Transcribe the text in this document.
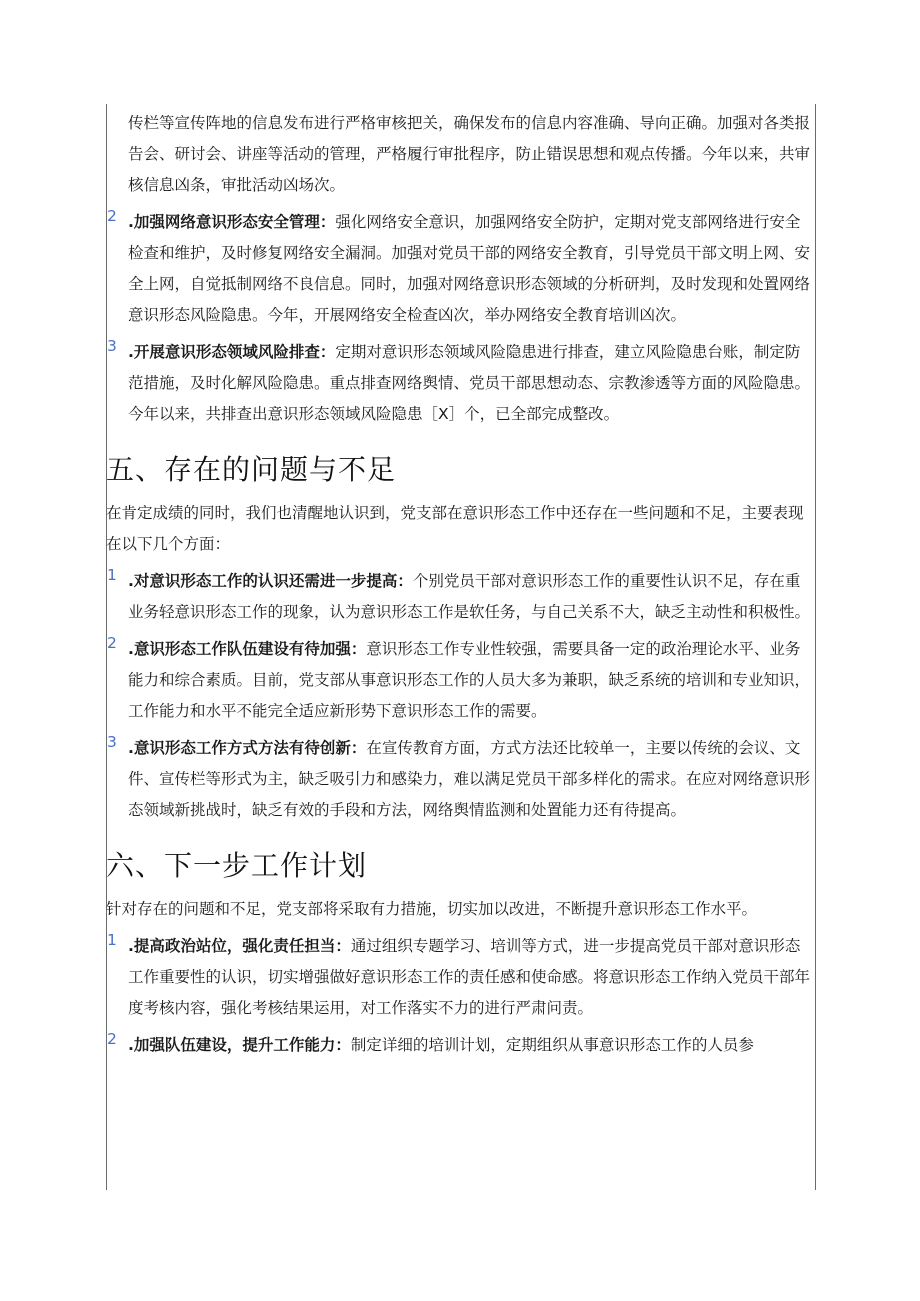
传栏等宣传阵地的信息发布进行严格审核把关，确保发布的信息内容准确、导向正确。加强对各类报告会、研讨会、讲座等活动的管理，严格履行审批程序，防止错误思想和观点传播。今年以来，共审核信息凶条，审批活动凶场次。

2 .加强网络意识形态安全管理：强化网络安全意识，加强网络安全防护，定期对党支部网络进行安全检查和维护，及时修复网络安全漏洞。加强对党员干部的网络安全教育，引导党员干部文明上网、安全上网，自觉抵制网络不良信息。同时，加强对网络意识形态领域的分析研判，及时发现和处置网络意识形态风险隐患。今年，开展网络安全检查凶次，举办网络安全教育培训凶次。

3 .开展意识形态领域风险排查：定期对意识形态领域风险隐患进行排查，建立风险隐患台账，制定防范措施，及时化解风险隐患。重点排查网络舆情、党员干部思想动态、宗教渗透等方面的风险隐患。今年以来，共排查出意识形态领域风险隐患［X］个，已全部完成整改。

五、存在的问题与不足

在肯定成绩的同时，我们也清醒地认识到，党支部在意识形态工作中还存在一些问题和不足，主要表现在以下几个方面：

1 .对意识形态工作的认识还需进一步提高：个别党员干部对意识形态工作的重要性认识不足，存在重业务轻意识形态工作的现象，认为意识形态工作是软任务，与自己关系不大，缺乏主动性和积极性。

2 .意识形态工作队伍建设有待加强：意识形态工作专业性较强，需要具备一定的政治理论水平、业务能力和综合素质。目前，党支部从事意识形态工作的人员大多为兼职，缺乏系统的培训和专业知识，工作能力和水平不能完全适应新形势下意识形态工作的需要。

3 .意识形态工作方式方法有待创新：在宣传教育方面，方式方法还比较单一，主要以传统的会议、文件、宣传栏等形式为主，缺乏吸引力和感染力，难以满足党员干部多样化的需求。在应对网络意识形态领域新挑战时，缺乏有效的手段和方法，网络舆情监测和处置能力还有待提高。

六、下一步工作计划

针对存在的问题和不足，党支部将采取有力措施，切实加以改进，不断提升意识形态工作水平。

1 .提高政治站位，强化责任担当：通过组织专题学习、培训等方式，进一步提高党员干部对意识形态工作重要性的认识，切实增强做好意识形态工作的责任感和使命感。将意识形态工作纳入党员干部年度考核内容，强化考核结果运用，对工作落实不力的进行严肃问责。

2 .加强队伍建设，提升工作能力：制定详细的培训计划，定期组织从事意识形态工作的人员参
